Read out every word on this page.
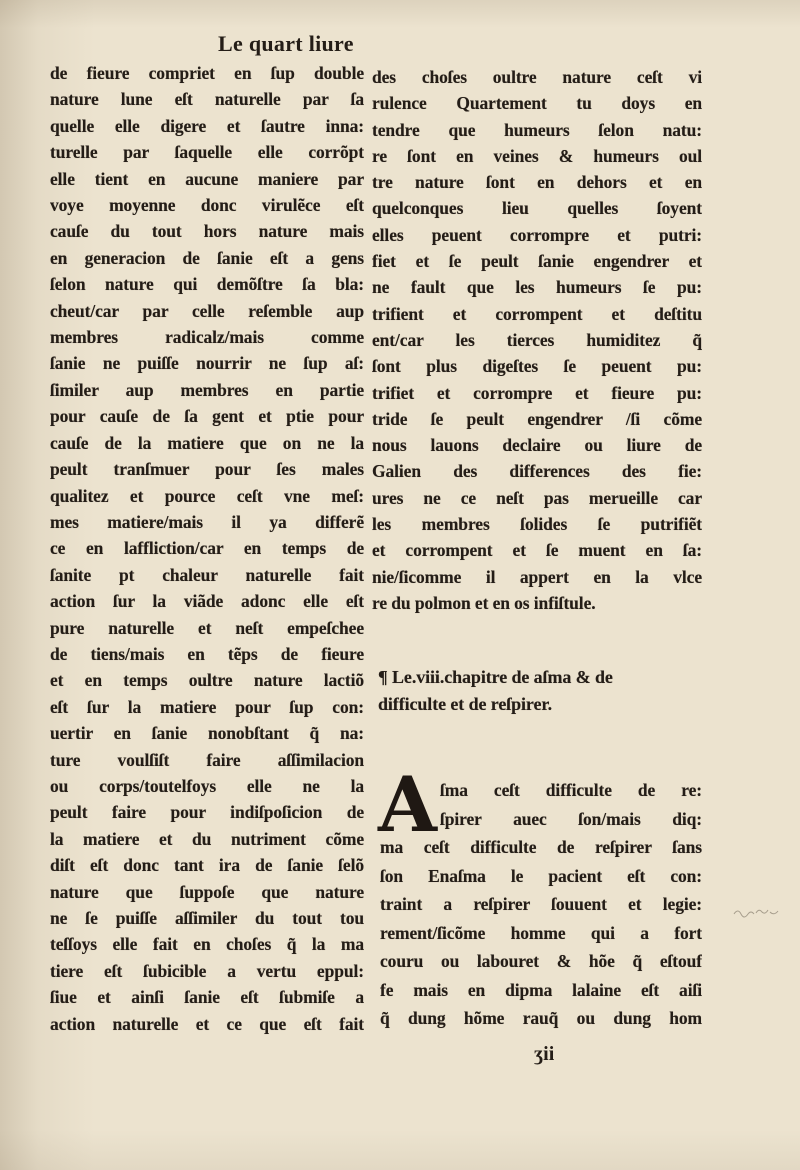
Le quart liure
de fieure compriet en ſup double
nature lune eſt naturelle par ſa
quelle elle digere et ſautre inna:
turelle par ſaquelle elle corrõpt
elle tient en aucune maniere par
voye moyenne donc virulẽce eſt
cauſe du tout hors nature mais
en generacion de ſanie eſt a gens
ſelon nature qui demõſtre ſa bla:
cheut/car par celle reſemble aup
membres radicalz/mais comme
ſanie ne puiſſe nourrir ne ſup aſ:
ſimiler aup membres en partie
pour cauſe de ſa gent et ptie pour
cauſe de la matiere que on ne la
peult tranſmuer pour ſes males
qualitez et pource ceſt vne meſ:
mes matiere/mais il ya differẽ
ce en laffliction/car en temps de
ſanite pt chaleur naturelle fait
action ſur la viãde adonc elle eſt
pure naturelle et neſt empeſchee
de tiens/mais en tẽps de fieure
et en temps oultre nature lactiõ
eſt ſur la matiere pour ſup con:
uertir en ſanie nonobſtant q̃ na:
ture voulſiſt faire aſſimilacion
ou corps/toutelfoys elle ne la
peult faire pour indiſpoſicion de
la matiere et du nutriment cõme
diſt eſt donc tant ira de ſanie ſelõ
nature que ſuppoſe que nature
ne ſe puiſſe aſſimiler du tout tou
teſſoys elle fait en choſes q̃ la ma
tiere eſt ſubicible a vertu eppul:
ſiue et ainſi ſanie eſt ſubmiſe a
action naturelle et ce que eſt fait
des choſes oultre nature ceſt vi
rulence Quartement tu doys en
tendre que humeurs ſelon natu:
re ſont en veines & humeurs oul
tre nature ſont en dehors et en
quelconques lieu quelles ſoyent
elles peuent corrompre et putri:
fiet et ſe peult ſanie engendrer et
ne fault que les humeurs ſe pu:
trifient et corrompent et deſtitu
ent/car les tierces humiditez q̃
ſont plus digeſtes ſe peuent pu:
trifiet et corrompre et fieure pu:
tride ſe peult engendrer /ſi cõme
nous lauons declaire ou liure de
Galien des differences des fie:
ures ne ce neſt pas merueille car
les membres ſolides ſe putrifiẽt
et corrompent et ſe muent en ſa:
nie/ſicomme il appert en la vlce
re du polmon et en os infiſtule.
¶ Le.viii.chapitre de aſma & de
difficulte et de reſpirer.
A ſma ceſt difficulte de re:
ſpirer auec ſon/mais diq:
ma ceſt difficulte de reſpirer ſans
ſon Enaſma le pacient eſt con:
traint a reſpirer ſouuent et legie:
rement/ſicõme homme qui a fort
couru ou labouret & hõe q̃ eſtouf
fe mais en dipma lalaine eſt aiſi
q̃ dung hõme rauq̃ ou dung hom
ʒii
